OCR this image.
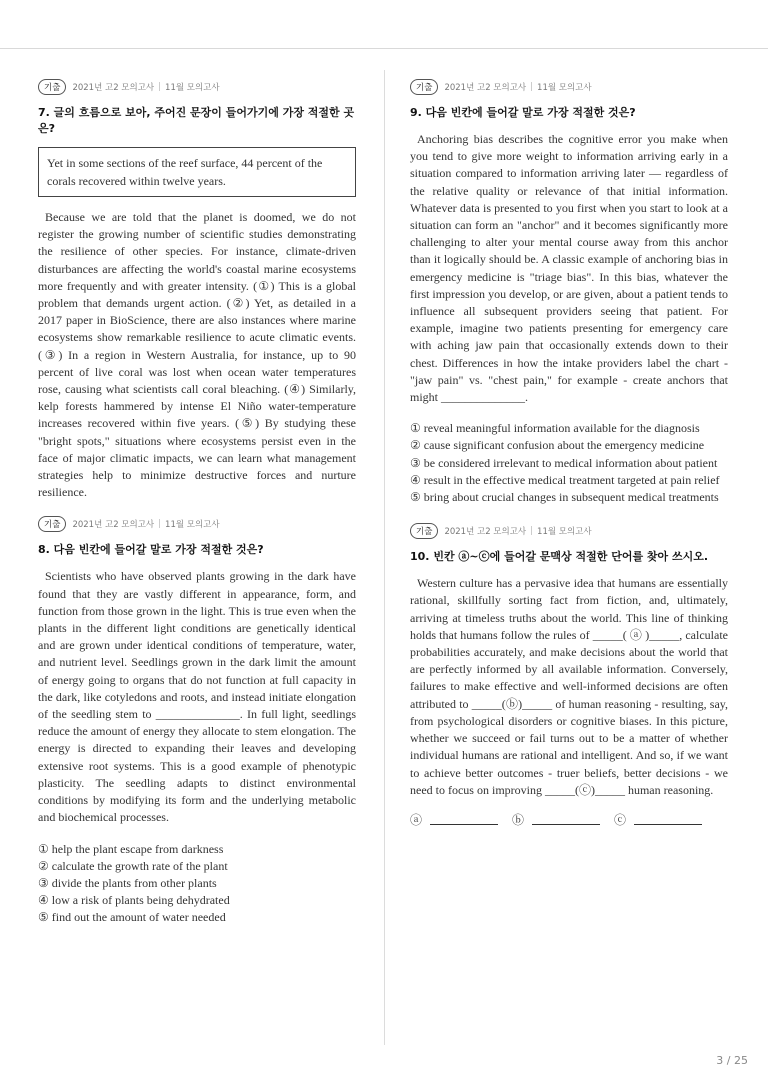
기출	2021년 고2 모의고사 | 11월 모의고사
7. 글의 흐름으로 보아, 주어진 문장이 들어가기에 가장 적절한 곳은?
Yet in some sections of the reef surface, 44 percent of the corals recovered within twelve years.

Because we are told that the planet is doomed, we do not register the growing number of scientific studies demonstrating the resilience of other species. For instance, climate-driven disturbances are affecting the world's coastal marine ecosystems more frequently and with greater intensity. (①) This is a global problem that demands urgent action. (②) Yet, as detailed in a 2017 paper in BioScience, there are also instances where marine ecosystems show remarkable resilience to acute climatic events. (③) In a region in Western Australia, for instance, up to 90 percent of live coral was lost when ocean water temperatures rose, causing what scientists call coral bleaching. (④) Similarly, kelp forests hammered by intense El Niño water-temperature increases recovered within five years. (⑤) By studying these "bright spots," situations where ecosystems persist even in the face of major climatic impacts, we can learn what management strategies help to minimize destructive forces and nurture resilience.

기출	2021년 고2 모의고사 | 11월 모의고사
8. 다음 빈칸에 들어갈 말로 가장 적절한 것은?

Scientists who have observed plants growing in the dark have found that they are vastly different in appearance, form, and function from those grown in the light. This is true even when the plants in the different light conditions are genetically identical and are grown under identical conditions of temperature, water, and nutrient level. Seedlings grown in the dark limit the amount of energy going to organs that do not function at full capacity in the dark, like cotyledons and roots, and instead initiate elongation of the seedling stem to ______________. In full light, seedlings reduce the amount of energy they allocate to stem elongation. The energy is directed to expanding their leaves and developing extensive root systems. This is a good example of phenotypic plasticity. The seedling adapts to distinct environmental conditions by modifying its form and the underlying metabolic and biochemical processes.

① help the plant escape from darkness
② calculate the growth rate of the plant
③ divide the plants from other plants
④ low a risk of plants being dehydrated
⑤ find out the amount of water needed
기출	2021년 고2 모의고사 | 11월 모의고사
9. 다음 빈칸에 들어갈 말로 가장 적절한 것은?

Anchoring bias describes the cognitive error you make when you tend to give more weight to information arriving early in a situation compared to information arriving later — regardless of the relative quality or relevance of that initial information. Whatever data is presented to you first when you start to look at a situation can form an "anchor" and it becomes significantly more challenging to alter your mental course away from this anchor than it logically should be. A classic example of anchoring bias in emergency medicine is "triage bias". In this bias, whatever the first impression you develop, or are given, about a patient tends to influence all subsequent providers seeing that patient. For example, imagine two patients presenting for emergency care with aching jaw pain that occasionally extends down to their chest. Differences in how the intake providers label the chart - "jaw pain" vs. "chest pain," for example - create anchors that might ______________.

① reveal meaningful information available for the diagnosis
② cause significant confusion about the emergency medicine
③ be considered irrelevant to medical information about patient
④ result in the effective medical treatment targeted at pain relief
⑤ bring about crucial changes in subsequent medical treatments
기출	2021년 고2 모의고사 | 11월 모의고사
10. 빈칸 ⓐ~ⓒ에 들어갈 문맥상 적절한 단어를 찾아 쓰시오.

Western culture has a pervasive idea that humans are essentially rational, skillfully sorting fact from fiction, and, ultimately, arriving at timeless truths about the world. This line of thinking holds that humans follow the rules of _____( ⓐ )_____, calculate probabilities accurately, and make decisions about the world that are perfectly informed by all available information. Conversely, failures to make effective and well-informed decisions are often attributed to _____(ⓑ)_____ of human reasoning - resulting, say, from psychological disorders or cognitive biases. In this picture, whether we succeed or fail turns out to be a matter of whether individual humans are rational and intelligent. And so, if we want to achieve better outcomes - truer beliefs, better decisions - we need to focus on improving _____(ⓒ)_____ human reasoning.

ⓐ	ⓑ	ⓒ
3 / 25
